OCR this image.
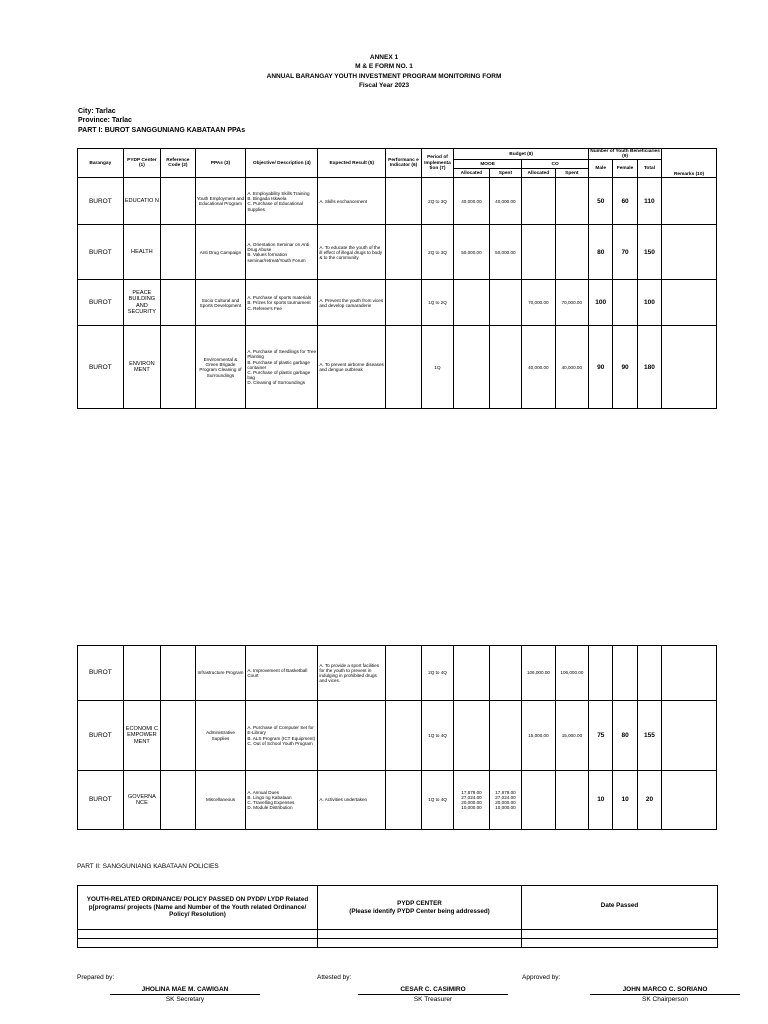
ANNEX 1
M & E FORM NO. 1
ANNUAL BARANGAY YOUTH INVESTMENT PROGRAM MONITORING FORM
Fiscal Year 2023
City: Tarlac
Province: Tarlac
PART I: BUROT SANGGUNIANG KABATAAN PPAs
Barangay	PYDP Center (1)	Reference Code (2)	PPAs (3)	Objective/ Description (4)	Expected Result (5)	Performanc e Indicator (6)	Period of Implementa tion (7)	Budget (8)				Number of Youth Beneficiaries (9)			Remarks (10)
								MOOE		CO		Male	Female	Total	
								Allocated	Spent	Allocated	Spent				

BUROT	EDUCATIO N		Youth Employment and Educational Program	A. Employability Skills Training
B. Bingada Iskwela
C. Purchase of Educational Supplies	A. Skills enchancement		2Q to 3Q	40,000.00	40,000.00			50	60	110	

BUROT	HEALTH		Anti Drug Campaign	A. Orientation Seminar on Anti Drug Abuse
B. Values formation seminar/retreat/Youth Forum	A. To educate the youth of the ill effect of illegal drugs to body & to the community		2Q to 3Q	50,000.00	50,000.00			80	70	150	

BUROT	PEACE BUILDING AND SECURITY		Socio Cultural and Sports Development	A. Purchase of sports materials
B. Prizes for sports tournament
C. Referee's Fee	A. Prevent the youth from vices and develop camaraderie		1Q to 2Q			70,000.00	70,000.00	100		100	

BUROT	ENVIRON MENT		Environmental & Green Brigade Program Cleaning of Surroundings	A. Purchase of Seedlings for Tree Planting
B. Purchase of plastic garbage container
C. Purchase of plastic garbage bag
D. Cleaning of Sorroundings	A. To prevent airborne diseases and dengue outbreak		1Q			40,000.00	40,000.00	90	90	180	

BUROT			Infrastructure Program	A. Improvement of Basketball Court	A. To provide a sport facilities for the youth to prevent in indulging in prohibited drugs and vices.		2Q to 4Q			106,000.00	106,000.00				

BUROT	ECONOMI C EMPOWER MENT		Administrative Supplies	A. Purchase of Computer Set for E-Library
B. ALS Program (ICT Equipment)
C. Out of School Youth Program			1Q to 4Q			15,000.00	15,000.00	75	80	155	

BUROT	GOVERNA NCE		Miscellaneous	A. Annual Dues
B. Lingo ng Kabataan
C. Travelling Expenses
D. Module Distribution	A. Activities undertaken		1Q to 4Q	17,879.00
27,024.00
20,000.00
10,000.00	17,879.00
27,024.00
20,000.00
10,000.00			10	10	20	

PART II: SANGGUNIANG KABATAAN POLICIES
YOUTH-RELATED ORDINANCE/ POLICY PASSED ON PYDP/ LYDP Related p[programs/ projects (Name and Number of the Youth related Ordinance/ Policy/ Resolution)	PYDP CENTER
(Please identify PYDP Center being addressed)	Date Passed

Prepared by:
JHOLINA MAE M. CAWIGAN
SK Secretary
Attested by:
CESAR C. CASIMIRO
SK Treasurer
Approved by:
JOHN MARCO C. SORIANO
SK Chairperson
